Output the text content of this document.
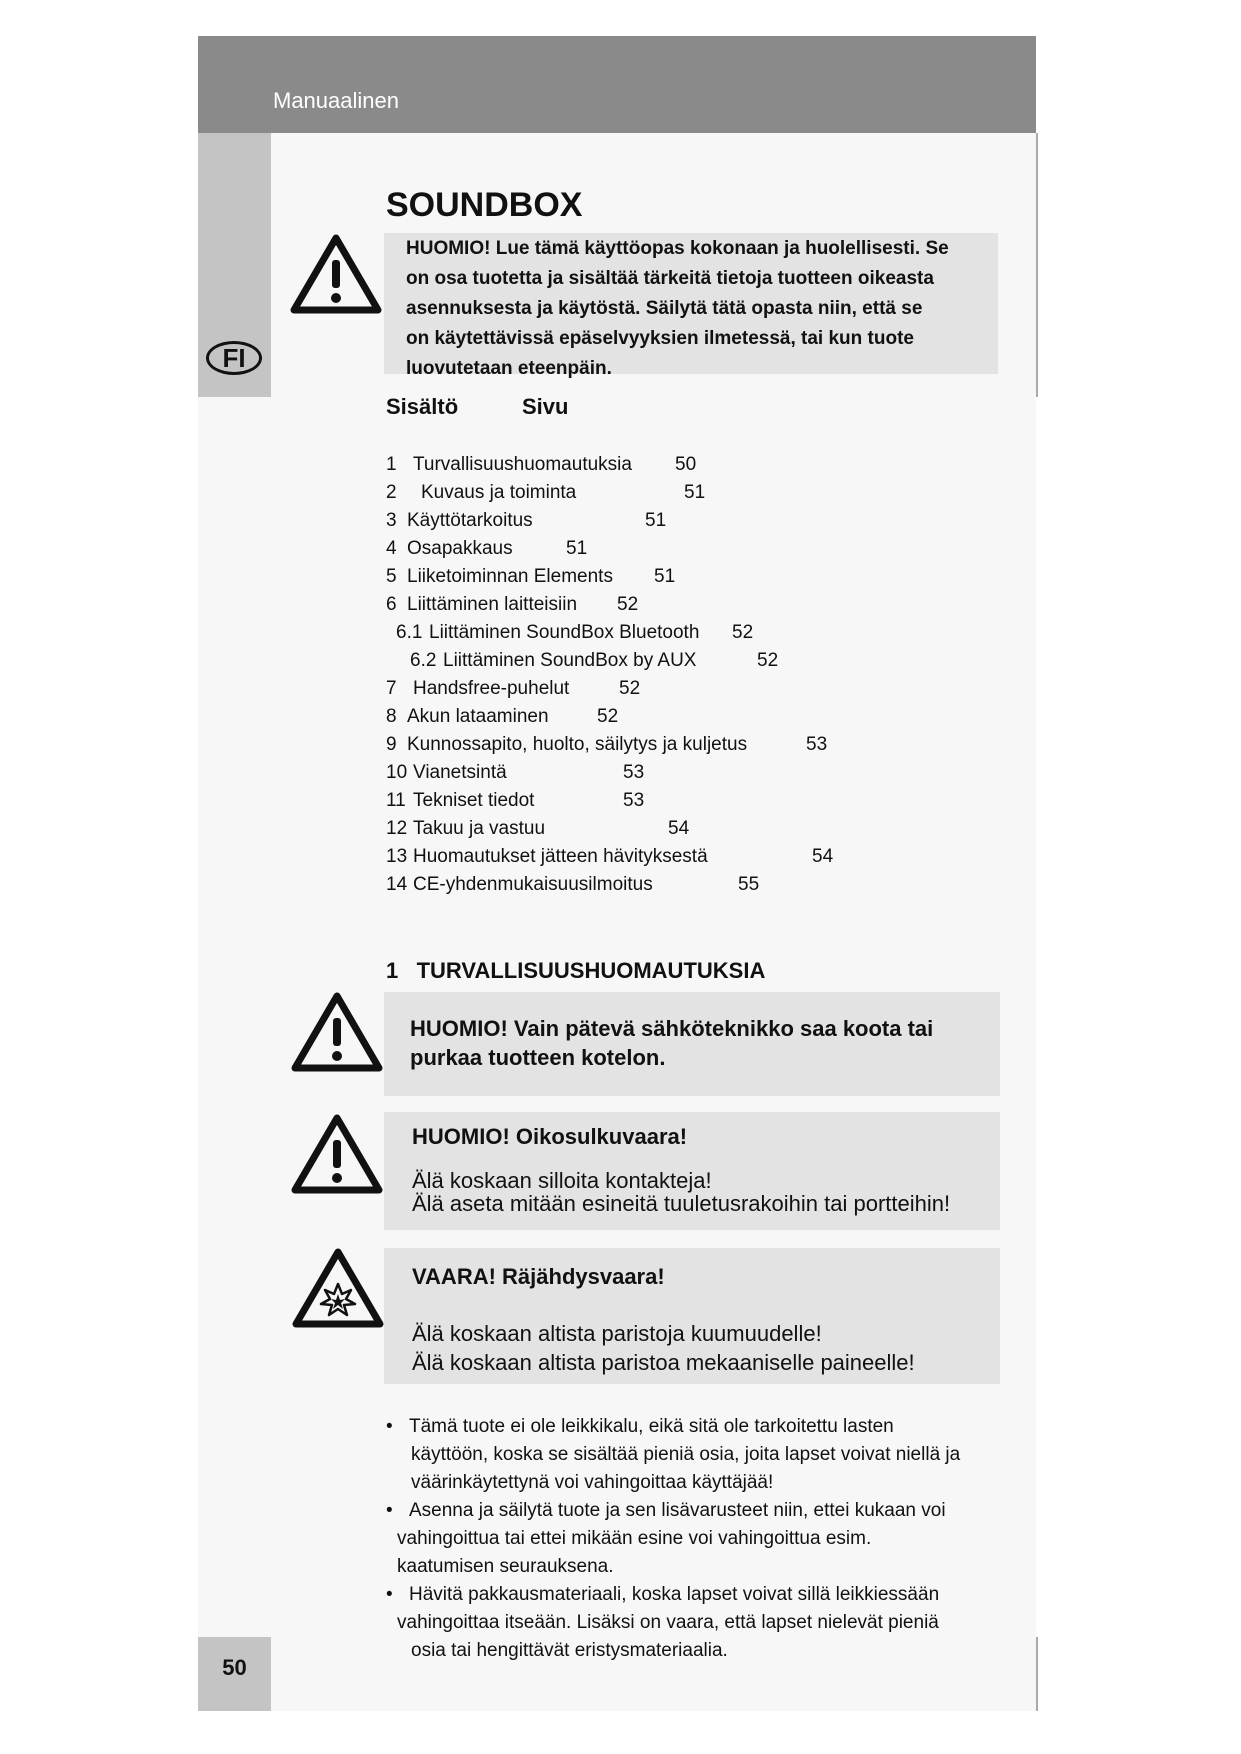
Manuaalinen
50
FI
SOUNDBOX

HUOMIO! Lue tämä käyttöopas kokonaan ja huolellisesti. Se

on osa tuotetta ja sisältää tärkeitä tietoja tuotteen oikeasta

asennuksesta ja käytöstä. Säilytä tätä opasta niin, että se

on käytettävissä epäselvyyksien ilmetessä, tai kun tuote

luovutetaan eteenpäin.

Sisältö	Sivu
1 Turvallisuushuomautuksia 50
2 Kuvaus ja toiminta	51
3 Käyttötarkoitus	51
4 Osapakkaus	51
5 Liiketoiminnan Elements 51
6 Liittäminen laitteisiin 52
6.1 Liittäminen SoundBox Bluetooth 52
6.2 Liittäminen SoundBox by AUX	52
7 Handsfree-puhelut	52
8 Akun lataaminen	52
9 Kunnossapito, huolto, säilytys ja kuljetus	53
10 Vianetsintä	53
11 Tekniset tiedot	53
12 Takuu ja vastuu	54
13 Huomautukset jätteen hävityksestä	54
14 CE-yhdenmukaisuusilmoitus	55
1 TURVALLISUUSHUOMAUTUKSIA
HUOMIO! Vain pätevä sähköteknikko saa koota tai
purkaa tuotteen kotelon.
HUOMIO! Oikosulkuvaara!
Älä koskaan silloita kontakteja!
Älä aseta mitään esineitä tuuletusrakoihin tai portteihin!
VAARA! Räjähdysvaara!
Älä koskaan altista paristoja kuumuudelle!
Älä koskaan altista paristoa mekaaniselle paineelle!
• Tämä tuote ei ole leikkikalu, eikä sitä ole tarkoitettu lasten
käyttöön, koska se sisältää pieniä osia, joita lapset voivat niellä ja
väärinkäytettynä voi vahingoittaa käyttäjää!
• Asenna ja säilytä tuote ja sen lisävarusteet niin, ettei kukaan voi
vahingoittua tai ettei mikään esine voi vahingoittua esim.
kaatumisen seurauksena.
• Hävitä pakkausmateriaali, koska lapset voivat sillä leikkiessään
vahingoittaa itseään. Lisäksi on vaara, että lapset nielevät pieniä
osia tai hengittävät eristysmateriaalia.
